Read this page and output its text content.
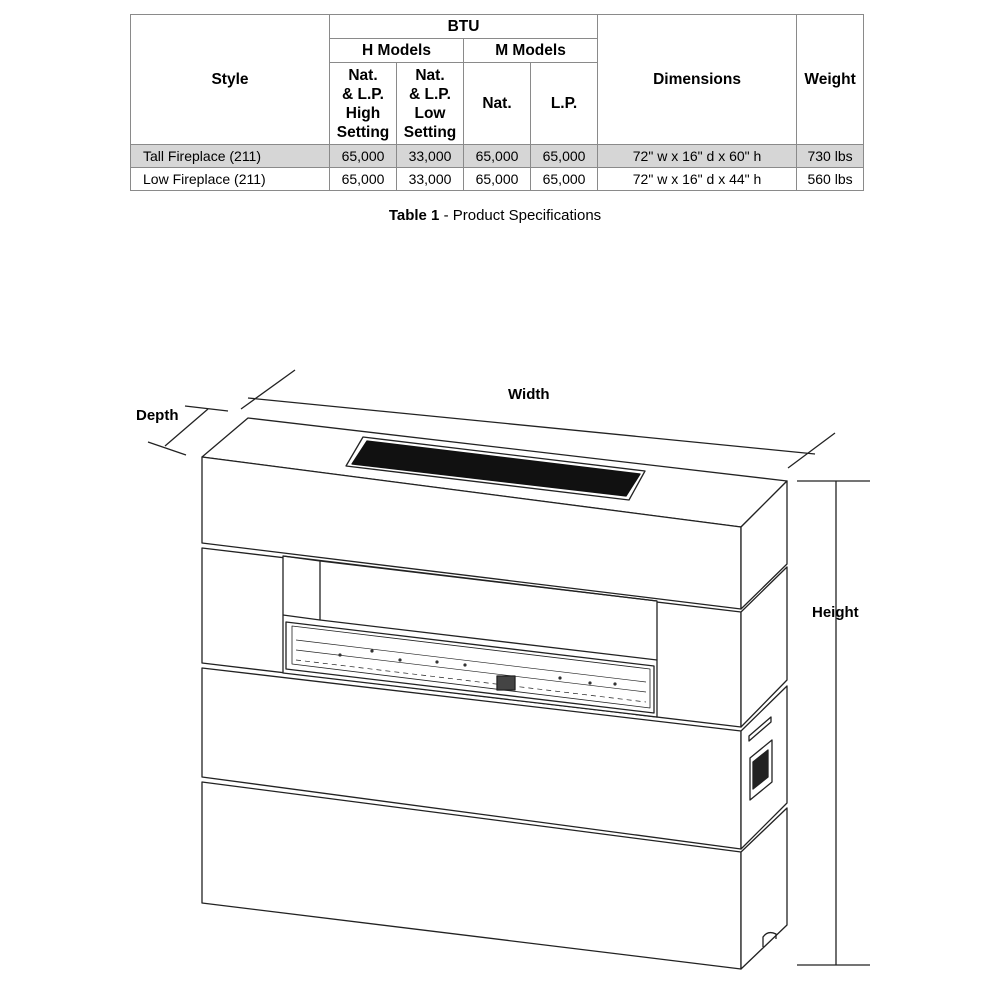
Style	BTU				Dimensions	Weight
	H Models		M Models			
	Nat.
& L.P.
High
Setting	Nat.
& L.P.
Low
Setting	Nat.	L.P.		
Tall Fireplace (211)	65,000	33,000	65,000	65,000	72" w x 16" d x 60" h	730 lbs
Low Fireplace (211)	65,000	33,000	65,000	65,000	72" w x 16" d x 44" h	560 lbs
Table 1 - Product Specifications
Width
Depth
Height
